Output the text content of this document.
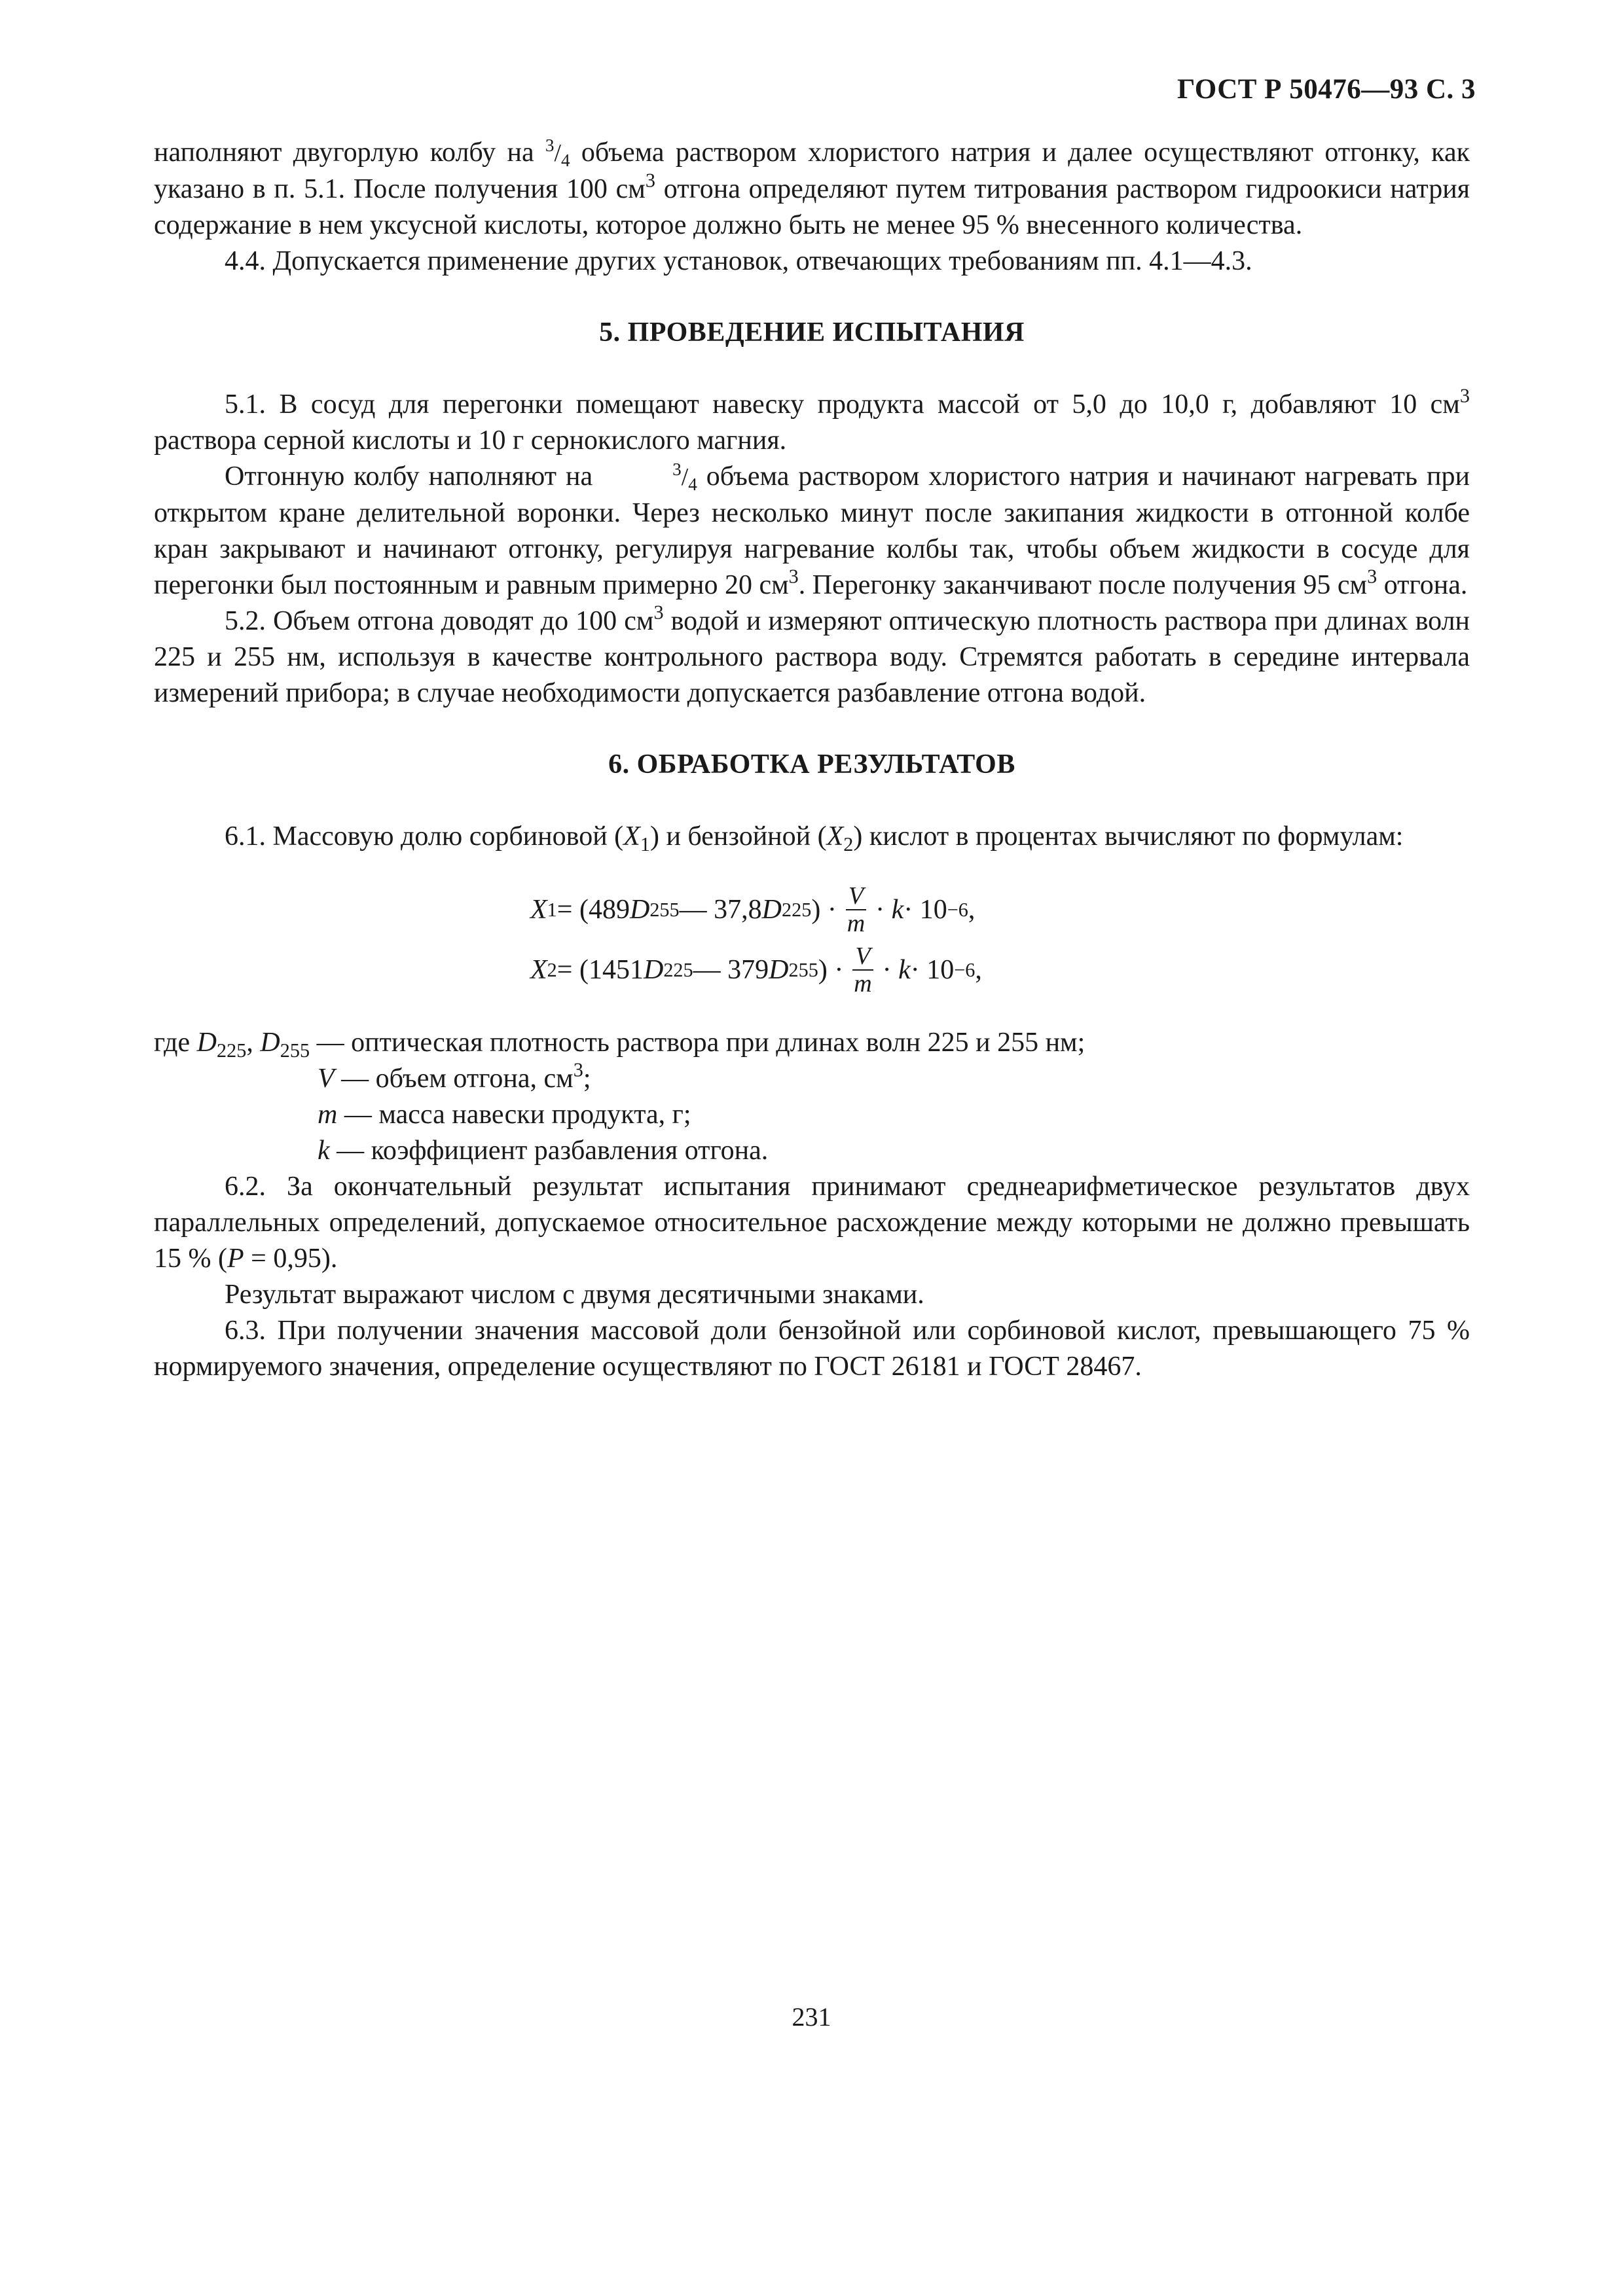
ГОСТ Р 50476—93 С. 3

наполняют двугорлую колбу на $^3/_4$ объема раствором хлористого натрия и далее осуществляют отгонку, как указано в п. 5.1. После получения 100 $см^3$ отгона определяют путем титрования раствором гидроокиси натрия содержание в нем уксусной кислоты, которое должно быть не менее 95 % внесенного количества.

4.4. Допускается применение других установок, отвечающих требованиям пп. 4.1—4.3.

5. ПРОВЕДЕНИЕ ИСПЫТАНИЯ

5.1. В сосуд для перегонки помещают навеску продукта массой от 5,0 до 10,0 г, добавляют 10 $см^3$ раствора серной кислоты и 10 г сернокислого магния.

Отгонную колбу наполняют на	$^3/_4$ объема раствором хлористого натрия и начинают нагревать при открытом кране делительной воронки. Через несколько минут после закипания жидкости в отгонной колбе кран закрывают и начинают отгонку, регулируя нагревание колбы так, чтобы объем жидкости в сосуде для перегонки был постоянным и равным примерно 20 $см^3$. Перегонку заканчивают после получения 95 $см^3$ отгона.

5.2. Объем отгона доводят до 100 $см^3$ водой и измеряют оптическую плотность раствора при длинах волн 225 и 255 нм, используя в качестве контрольного раствора воду. Стремятся работать в середине интервала измерений прибора; в случае необходимости допускается разбавление отгона водой.

6. ОБРАБОТКА РЕЗУЛЬТАТОВ

6.1. Массовую долю сорбиновой $(X_1)$ и бензойной $(X_2)$ кислот в процентах вычисляют по формулам:

X 1 = (489 D 255 — 37,8 D 225 ) · $\frac{V}{m}$ ·
k · 10 −6 ,
X 2 = (1451 D 225 — 379 D 255 ) · $\frac{V}{m}$ ·
k · 10 −6 ,

где $D_{225}$, $D_{255}$ — оптическая плотность раствора при длинах волн 225 и 255 нм;

V — объем отгона, $см^3$;

m — масса навески продукта, г;

k — коэффициент разбавления отгона.

6.2. За окончательный результат испытания принимают среднеарифметическое результатов двух параллельных определений, допускаемое относительное расхождение между которыми не должно превышать 15 % (P = 0,95).

Результат выражают числом с двумя десятичными знаками.

6.3. При получении значения массовой доли бензойной или сорбиновой кислот, превышающего 75 % нормируемого значения, определение осуществляют по ГОСТ 26181 и ГОСТ 28467.

231
